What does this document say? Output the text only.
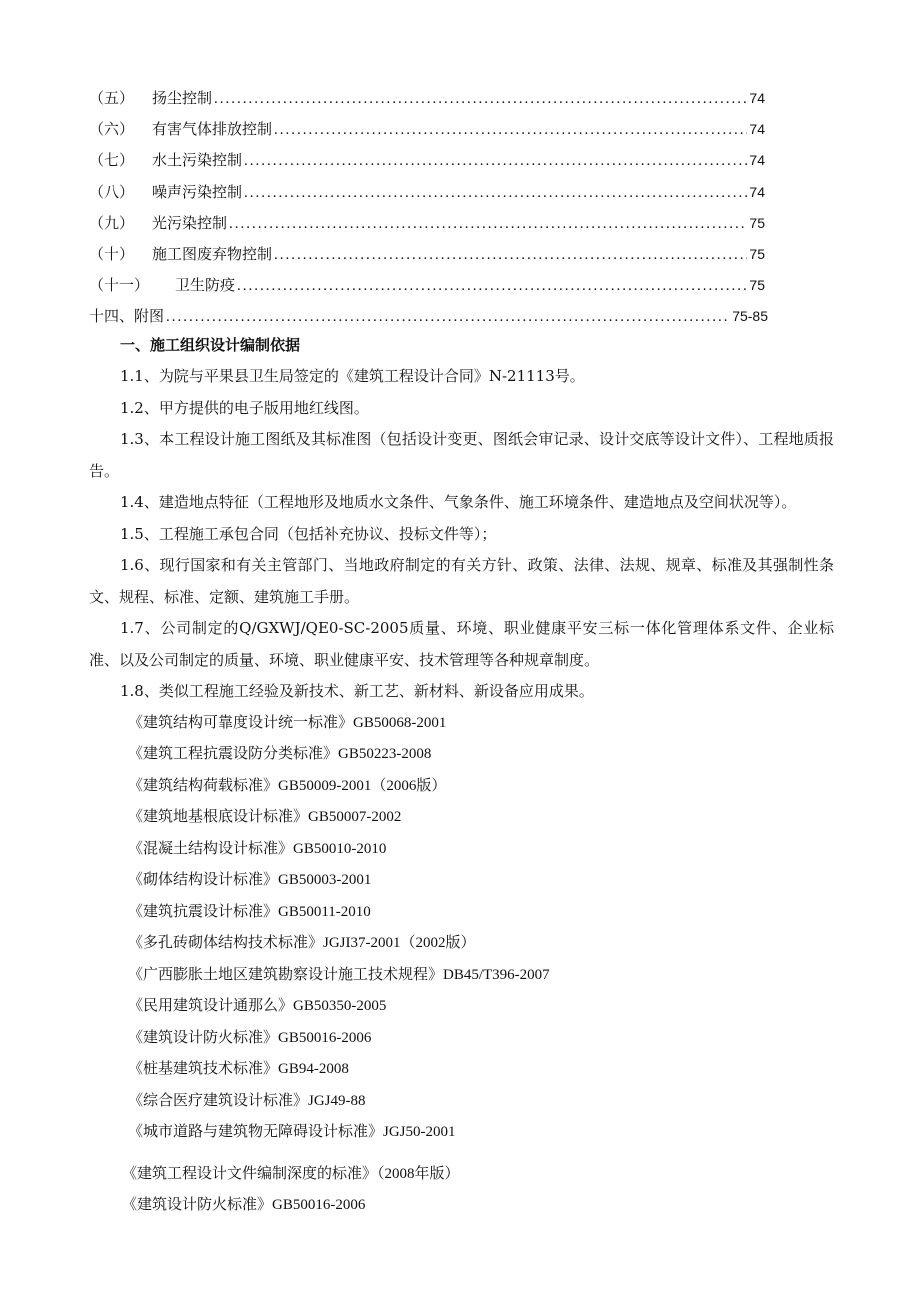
（五） 扬尘控制 .....	74
（六） 有害气体排放控制 .....	74
（七） 水土污染控制 .....	74
（八） 噪声污染控制 .....	74
（九） 光污染控制 .....	75
（十） 施工图废弃物控制 .....	75
（十一） 卫生防疫 .....	75
十四、附图 .....	75-85
一、施工组织设计编制依据
1.1、为院与平果县卫生局签定的《建筑工程设计合同》N-21113号。
1.2、甲方提供的电子版用地红线图。
1.3、本工程设计施工图纸及其标准图（包括设计变更、图纸会审记录、设计交底等设计文件）、工程地质报告。
1.4、建造地点特征（工程地形及地质水文条件、气象条件、施工环境条件、建造地点及空间状况等）。
1.5、工程施工承包合同（包括补充协议、投标文件等）；
1.6、现行国家和有关主管部门、当地政府制定的有关方针、政策、法律、法规、规章、标准及其强制性条文、规程、标准、定额、建筑施工手册。
1.7、公司制定的Q/GXWJ/QE0-SC-2005质量、环境、职业健康平安三标一体化管理体系文件、企业标准、以及公司制定的质量、环境、职业健康平安、技术管理等各种规章制度。
1.8、类似工程施工经验及新技术、新工艺、新材料、新设备应用成果。
《建筑结构可靠度设计统一标准》GB50068-2001
《建筑工程抗震设防分类标准》GB50223-2008
《建筑结构荷载标准》GB50009-2001（2006版）
《建筑地基根底设计标准》GB50007-2002
《混凝土结构设计标准》GB50010-2010
《砌体结构设计标准》GB50003-2001
《建筑抗震设计标准》GB50011-2010
《多孔砖砌体结构技术标准》JGJI37-2001（2002版）
《广西膨胀土地区建筑勘察设计施工技术规程》DB45/T396-2007
《民用建筑设计通那么》GB50350-2005
《建筑设计防火标准》GB50016-2006
《桩基建筑技术标准》GB94-2008
《综合医疗建筑设计标准》JGJ49-88
《城市道路与建筑物无障碍设计标准》JGJ50-2001
《建筑工程设计文件编制深度的标准》（2008年版）
《建筑设计防火标准》GB50016-2006
